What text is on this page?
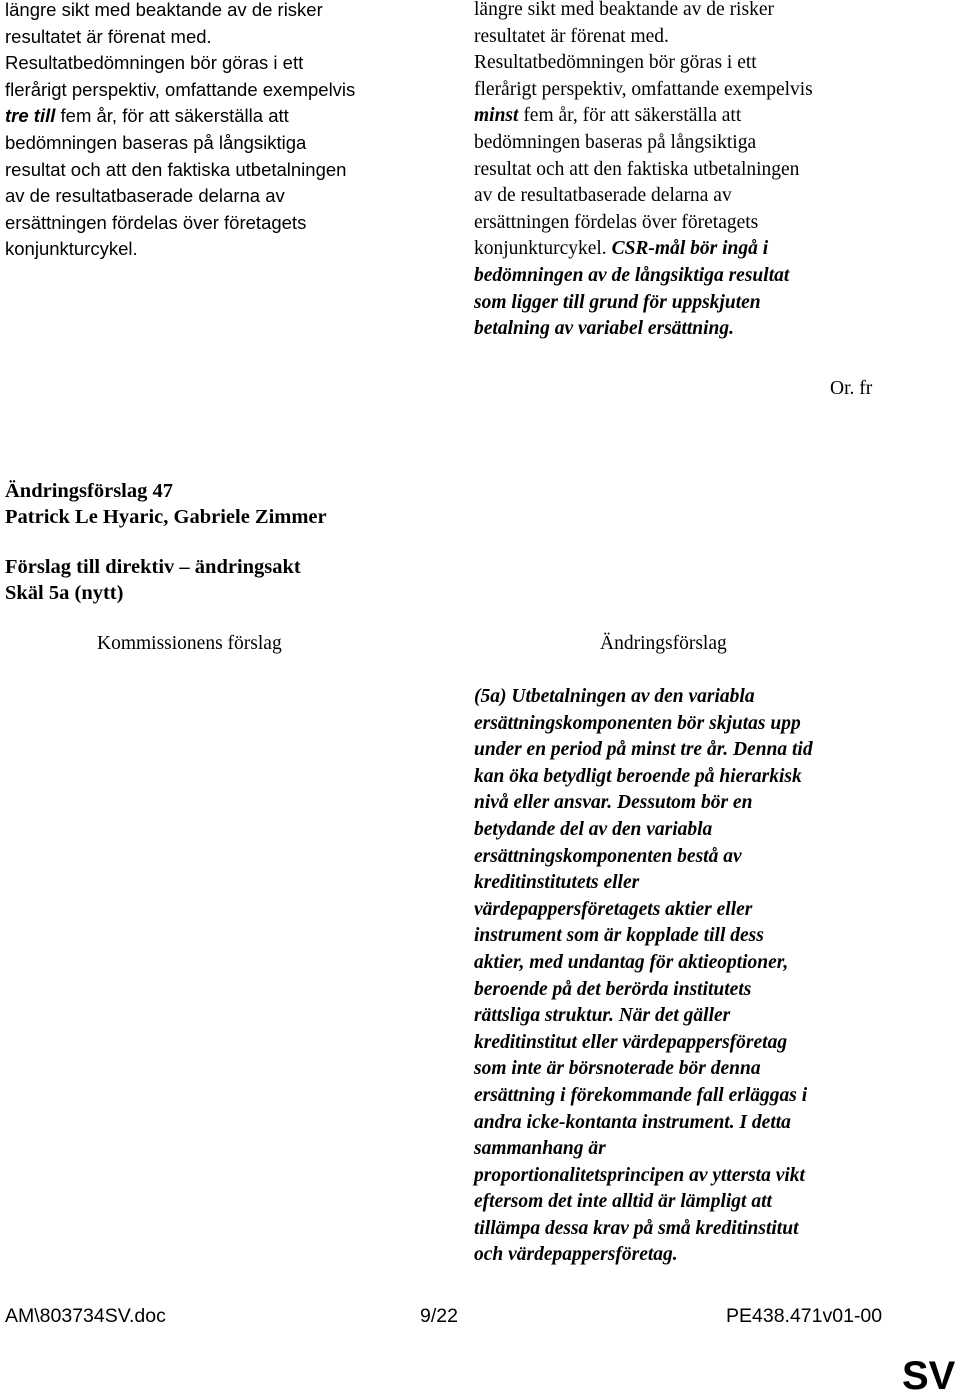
längre sikt med beaktande av de risker
resultatet är förenat med.
Resultatbedömningen bör göras i ett
flerårigt perspektiv, omfattande exempelvis
tre till fem år, för att säkerställa att
bedömningen baseras på långsiktiga
resultat och att den faktiska utbetalningen
av de resultatbaserade delarna av
ersättningen fördelas över företagets
konjunkturcykel.
längre sikt med beaktande av de risker
resultatet är förenat med.
Resultatbedömningen bör göras i ett
flerårigt perspektiv, omfattande exempelvis
minst fem år, för att säkerställa att
bedömningen baseras på långsiktiga
resultat och att den faktiska utbetalningen
av de resultatbaserade delarna av
ersättningen fördelas över företagets
konjunkturcykel. CSR-mål bör ingå i
bedömningen av de långsiktiga resultat
som ligger till grund för uppskjuten
betalning av variabel ersättning.
Or. fr
Ändringsförslag 47
Patrick Le Hyaric, Gabriele Zimmer
Förslag till direktiv – ändringsakt
Skäl 5a (nytt)
Kommissionens förslag	Ändringsförslag
(5a) Utbetalningen av den variabla
ersättningskomponenten bör skjutas upp
under en period på minst tre år. Denna tid
kan öka betydligt beroende på hierarkisk
nivå eller ansvar. Dessutom bör en
betydande del av den variabla
ersättningskomponenten bestå av
kreditinstitutets eller
värdepappersföretagets aktier eller
instrument som är kopplade till dess
aktier, med undantag för aktieoptioner,
beroende på det berörda institutets
rättsliga struktur. När det gäller
kreditinstitut eller värdepappersföretag
som inte är börsnoterade bör denna
ersättning i förekommande fall erläggas i
andra icke-kontanta instrument. I detta
sammanhang är
proportionalitetsprincipen av yttersta vikt
eftersom det inte alltid är lämpligt att
tillämpa dessa krav på små kreditinstitut
och värdepappersföretag.
AM\803734SV.doc	9/22	PE438.471v01-00
SV
